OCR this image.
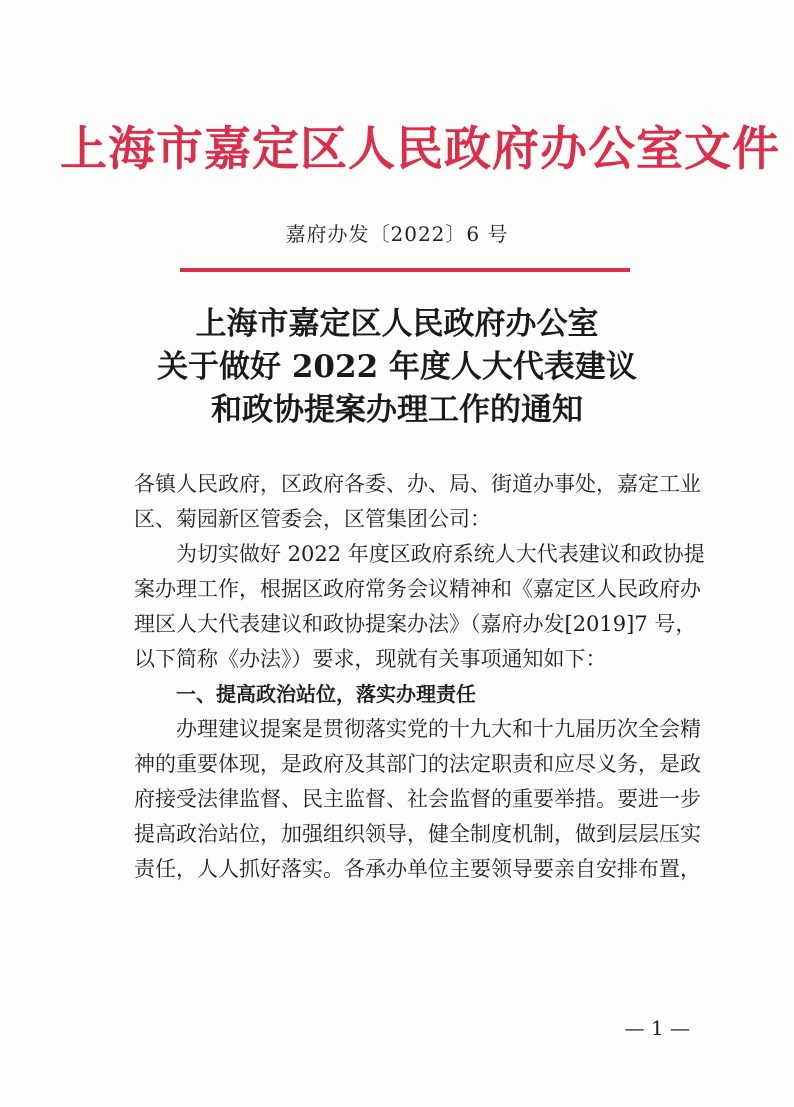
上海市嘉定区人民政府办公室文件
嘉府办发〔2022〕6 号
上海市嘉定区人民政府办公室
关于做好 2022 年度人大代表建议
和政协提案办理工作的通知

各镇人民政府，区政府各委、办、局、街道办事处，嘉定工业区、菊园新区管委会，区管集团公司：

为切实做好 2022 年度区政府系统人大代表建议和政协提案办理工作，根据区政府常务会议精神和《嘉定区人民政府办理区人大代表建议和政协提案办法》（嘉府办发[2019]7 号，以下简称《办法》）要求，现就有关事项通知如下：

一、提高政治站位，落实办理责任

办理建议提案是贯彻落实党的十九大和十九届历次全会精神的重要体现，是政府及其部门的法定职责和应尽义务，是政府接受法律监督、民主监督、社会监督的重要举措。要进一步提高政治站位，加强组织领导，健全制度机制，做到层层压实责任，人人抓好落实。各承办单位主要领导要亲自安排布置，

— 1 —
